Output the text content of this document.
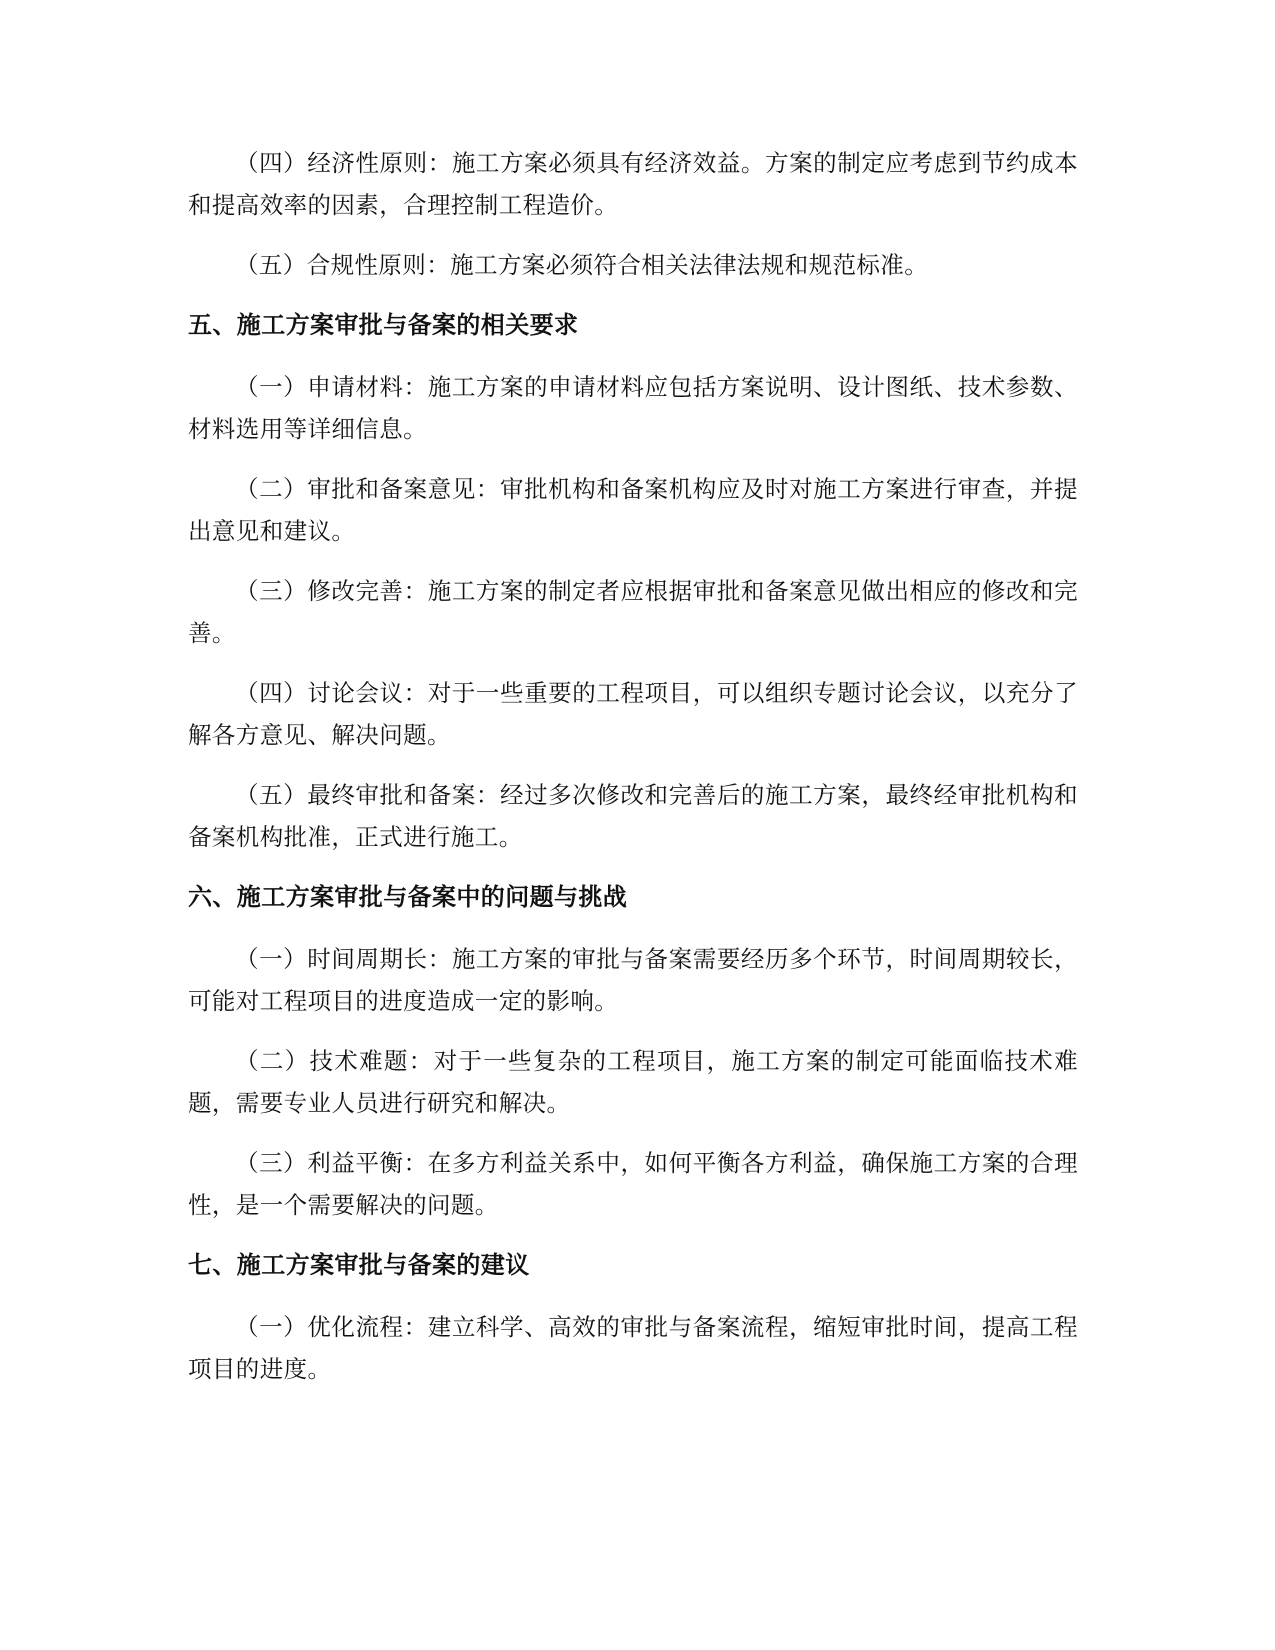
（四）经济性原则：施工方案必须具有经济效益。方案的制定应考虑到节约成本和提高效率的因素，合理控制工程造价。

（五）合规性原则：施工方案必须符合相关法律法规和规范标准。

五、施工方案审批与备案的相关要求

（一）申请材料：施工方案的申请材料应包括方案说明、设计图纸、技术参数、材料选用等详细信息。

（二）审批和备案意见：审批机构和备案机构应及时对施工方案进行审查，并提出意见和建议。

（三）修改完善：施工方案的制定者应根据审批和备案意见做出相应的修改和完善。

（四）讨论会议：对于一些重要的工程项目，可以组织专题讨论会议，以充分了解各方意见、解决问题。

（五）最终审批和备案：经过多次修改和完善后的施工方案，最终经审批机构和备案机构批准，正式进行施工。

六、施工方案审批与备案中的问题与挑战

（一）时间周期长：施工方案的审批与备案需要经历多个环节，时间周期较长，可能对工程项目的进度造成一定的影响。

（二）技术难题：对于一些复杂的工程项目，施工方案的制定可能面临技术难题，需要专业人员进行研究和解决。

（三）利益平衡：在多方利益关系中，如何平衡各方利益，确保施工方案的合理性，是一个需要解决的问题。

七、施工方案审批与备案的建议

（一）优化流程：建立科学、高效的审批与备案流程，缩短审批时间，提高工程项目的进度。
